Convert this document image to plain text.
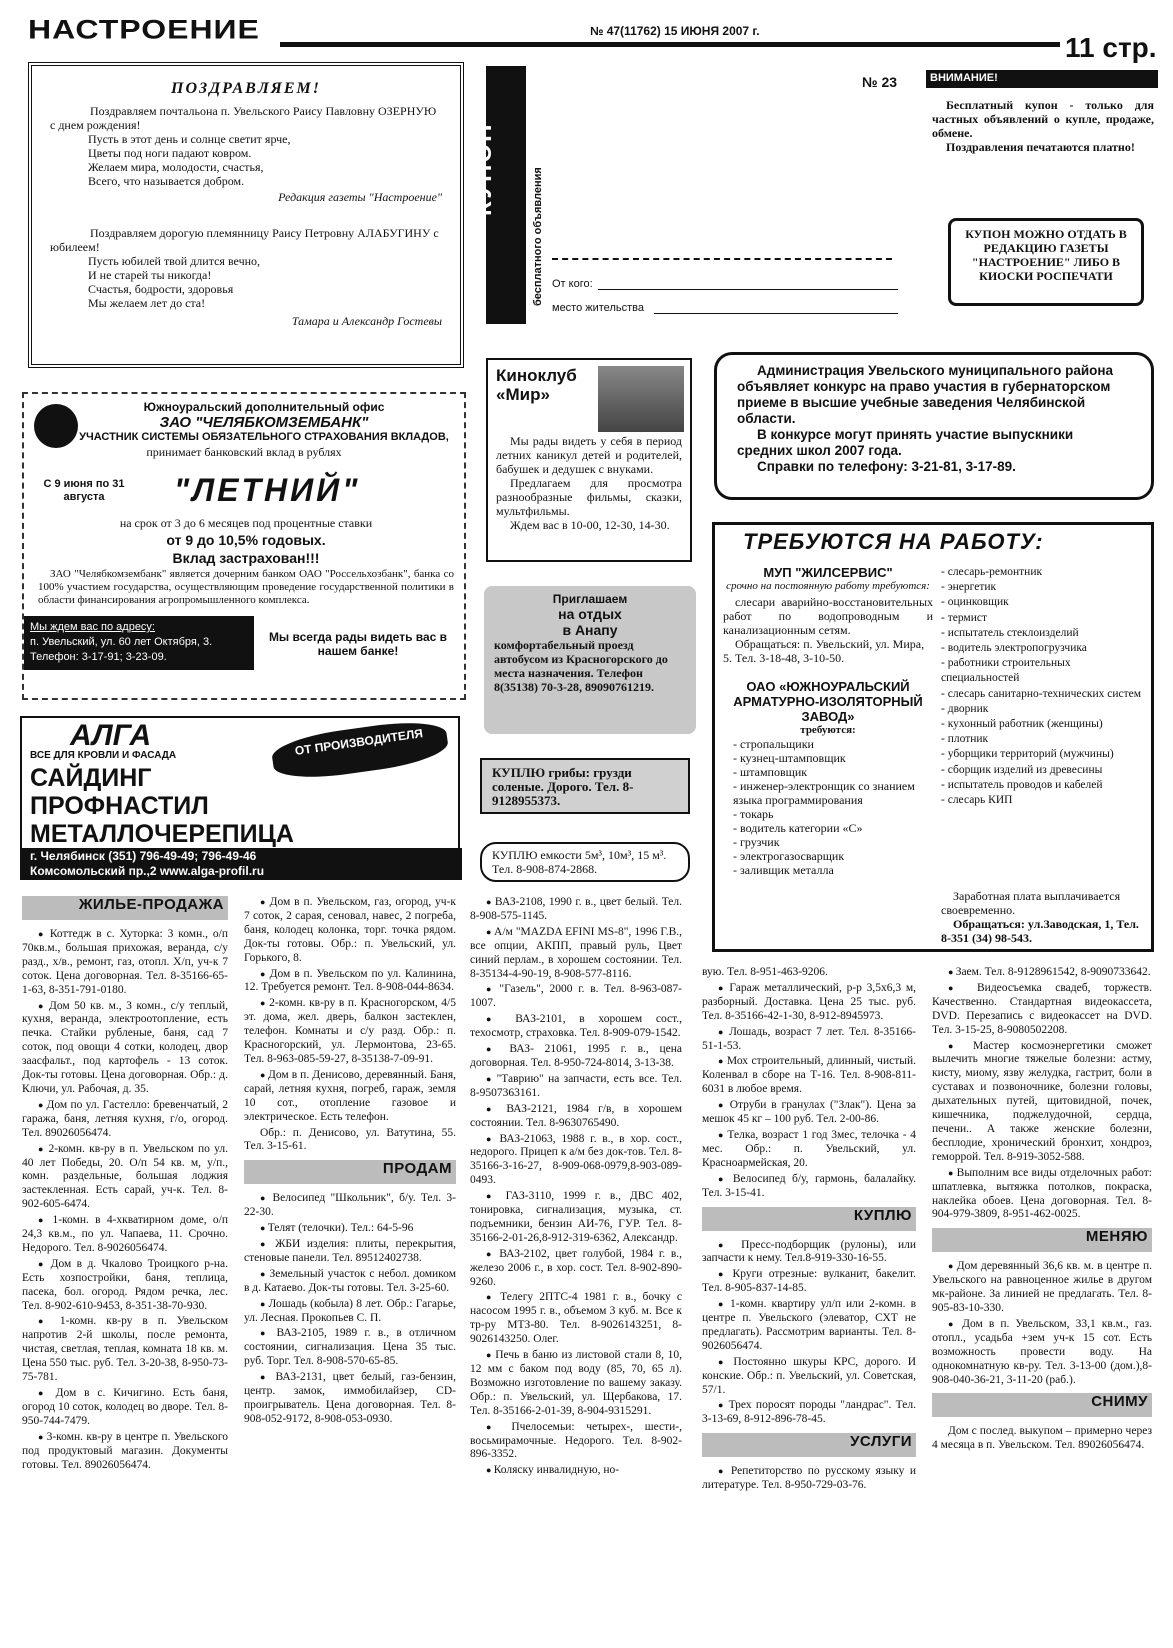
НАСТРОЕНИЕ	№ 47(11762) 15 ИЮНЯ 2007 г.
11 стр.
ПОЗДРАВЛЯЕМ!
Поздравляем почтальона п. Увельского Раису Павловну ОЗЕРНУЮ с днем рождения!
Пусть в этот день и солнце светит ярче,
Цветы под ноги падают ковром.
Желаем мира, молодости, счастья,
Всего, что называется добром.
Редакция газеты "Настроение"
Поздравляем дорогую племянницу Раису Петровну АЛАБУГИНУ с юбилеем!
Пусть юбилей твой длится вечно,
И не старей ты никогда!
Счастья, бодрости, здоровья
Мы желаем лет до ста!
Тамара и Александр Гостевы
КУПОН	бесплатного объявления
№ 23
От кого:
место жительства
ВНИМАНИЕ!
Бесплатный купон - только для частных объявлений о купле, продаже, обмене.
Поздравления печатаются платно!
КУПОН МОЖНО ОТДАТЬ В РЕДАКЦИЮ ГАЗЕТЫ "НАСТРОЕНИЕ" ЛИБО В КИОСКИ РОСПЕЧАТИ
Южноуральский дополнительный офис
ЗАО "ЧЕЛЯБКОМЗЕМБАНК"
УЧАСТНИК СИСТЕМЫ ОБЯЗАТЕЛЬНОГО СТРАХОВАНИЯ ВКЛАДОВ,
принимает банковский вклад в рублях
С 9 июня по 31 августа	"ЛЕТНИЙ"
на срок от 3 до 6 месяцев под процентные ставки
от 9 до 10,5% годовых.
Вклад застрахован!!!
ЗАО "Челябкомзембанк" является дочерним банком ОАО "Россельхозбанк", банка со 100% участием государства, осуществляющим проведение государственной политики в области финансирования агропромышленного комплекса.
Мы ждем вас по адресу:
п. Увельский, ул. 60 лет Октября, 3.
Телефон: 3-17-91; 3-23-09.
Мы всегда рады видеть вас в нашем банке!
АЛГА
ВСЕ ДЛЯ КРОВЛИ И ФАСАДА	ОТ ПРОИЗВОДИТЕЛЯ
САЙДИНГ
ПРОФНАСТИЛ
МЕТАЛЛОЧЕРЕПИЦА
г. Челябинск (351) 796-49-49; 796-49-46
Комсомольский пр.,2 www.alga-profil.ru
Киноклуб «Мир»
Мы рады видеть у себя в период летних каникул детей и родителей, бабушек и дедушек с внуками.
Предлагаем для просмотра разнообразные фильмы, сказки, мультфильмы.
Ждем вас в 10-00, 12-30, 14-30.
Приглашаем
на отдых
в Анапу
комфортабельный проезд автобусом из Красногорского до места назначения. Телефон 8(35138) 70-3-28, 89090761219.
КУПЛЮ грибы: грузди соленые. Дорого. Тел. 8-9128955373.
КУПЛЮ емкости 5м³, 10м³, 15 м³. Тел. 8-908-874-2868.
Администрация Увельского муниципального района объявляет конкурс на право участия в губернаторском приеме в высшие учебные заведения Челябинской области.
В конкурсе могут принять участие выпускники средних школ 2007 года.
Справки по телефону: 3-21-81, 3-17-89.
ТРЕБУЮТСЯ НА РАБОТУ:
МУП "ЖИЛСЕРВИС"
срочно на постоянную работу требуются:
слесари аварийно-восстановительных работ по водопроводным и канализационным сетям.
Обращаться: п. Увельский, ул. Мира, 5. Тел. 3-18-48, 3-10-50.
ОАО «ЮЖНОУРАЛЬСКИЙ АРМАТУРНО-ИЗОЛЯТОРНЫЙ ЗАВОД»
требуются:
- стропальщики
- кузнец-штамповщик
- штамповщик
- инженер-электронщик со знанием языка программирования
- токарь
- водитель категории «С»
- грузчик
- электрогазосварщик
- заливщик металла
- слесарь-ремонтник
- энергетик
- оцинковщик
- термист
- испытатель стеклоизделий
- водитель электропогрузчика
- работники строительных специальностей
- слесарь санитарно-технических систем
- дворник
- кухонный работник (женщины)
- плотник
- уборщики территорий (мужчины)
- сборщик изделий из древесины
- испытатель проводов и кабелей
- слесарь КИП
Заработная плата выплачивается своевременно.
Обращаться: ул.Заводская, 1, Тел. 8-351 (34) 98-543.
ЖИЛЬЕ-ПРОДАЖА

● Коттедж в с. Хуторка: 3 комн., о/п 70кв.м., большая прихожая, веранда, с/у разд., х/в., ремонт, газ, отопл. Х/п, уч-к 7 соток. Цена договорная. Тел. 8-35166-65-1-63, 8-351-791-0180.

● Дом 50 кв. м., 3 комн., с/у теплый, кухня, веранда, электроотопление, есть печка. Стайки рубленые, баня, сад 7 соток, под овощи 4 сотки, колодец, двор заасфальт., под картофель - 13 соток. Док-ты готовы. Цена договорная. Обр.: д. Ключи, ул. Рабочая, д. 35.

● Дом по ул. Гастелло: бревенчатый, 2 гаража, баня, летняя кухня, г/о, огород. Тел. 89026056474.

● 2-комн. кв-ру в п. Увельском по ул. 40 лет Победы, 20. О/п 54 кв. м, у/п., комн. раздельные, большая лоджия застекленная. Есть сарай, уч-к. Тел. 8-902-605-6474.

● 1-комн. в 4-хкватирном доме, о/п 24,3 кв.м., по ул. Чапаева, 11. Срочно. Недорого. Тел. 8-9026056474.

● Дом в д. Чкалово Троицкого р-на. Есть хозпостройки, баня, теплица, пасека, бол. огород. Рядом речка, лес. Тел. 8-902-610-9453, 8-351-38-70-930.

● 1-комн. кв-ру в п. Увельском напротив 2-й школы, после ремонта, чистая, светлая, теплая, комната 18 кв. м. Цена 550 тыс. руб. Тел. 3-20-38, 8-950-73-75-781.

● Дом в с. Кичигино. Есть баня, огород 10 соток, колодец во дворе. Тел. 8-950-744-7479.

● 3-комн. кв-ру в центре п. Увельского под продуктовый магазин. Документы готовы. Тел. 89026056474.

● Дом в п. Увельском, газ, огород, уч-к 7 соток, 2 сарая, сеновал, навес, 2 погреба, баня, колодец колонка, торг. точка рядом. Док-ты готовы. Обр.: п. Увельский, ул. Горького, 8.

● Дом в п. Увельском по ул. Калинина, 12. Требуется ремонт. Тел. 8-908-044-8634.

● 2-комн. кв-ру в п. Красногорском, 4/5 эт. дома, жел. дверь, балкон застеклен, телефон. Комнаты и с/у разд. Обр.: п. Красногорский, ул. Лермонтова, 23-65. Тел. 8-963-085-59-27, 8-35138-7-09-91.

● Дом в п. Денисово, деревянный. Баня, сарай, летняя кухня, погреб, гараж, земля 10 сот., отопление газовое и электрическое. Есть телефон.

Обр.: п. Денисово, ул. Ватутина, 55. Тел. 3-15-61.

ПРОДАМ

● Велосипед "Школьник", б/у. Тел. 3-22-30.

● Телят (телочки). Тел.: 64-5-96

● ЖБИ изделия: плиты, перекрытия, стеновые панели. Тел. 89512402738.

● Земельный участок с небол. домиком в д. Катаево. Док-ты готовы. Тел. 3-25-60.

● Лошадь (кобыла) 8 лет. Обр.: Гагарье, ул. Лесная. Прокопьев С. П.

● ВАЗ-2105, 1989 г. в., в отличном состоянии, сигнализация. Цена 35 тыс. руб. Торг. Тел. 8-908-570-65-85.

● ВАЗ-2131, цвет белый, газ-бензин, центр. замок, иммобилайзер, CD-проигрыватель. Цена договорная. Тел. 8-908-052-9172, 8-908-053-0930.

● ВАЗ-2108, 1990 г. в., цвет белый. Тел. 8-908-575-1145.

● А/м "MAZDA EFINI MS-8", 1996 Г.В., все опции, АКПП, правый руль, Цвет синий перлам., в хорошем состоянии. Тел. 8-35134-4-90-19, 8-908-577-8116.

● "Газель", 2000 г. в. Тел. 8-963-087-1007.

● ВАЗ-2101, в хорошем сост., техосмотр, страховка. Тел. 8-909-079-1542.

● ВАЗ- 21061, 1995 г. в., цена договорная. Тел. 8-950-724-8014, 3-13-38.

● "Таврию" на запчасти, есть все. Тел. 8-9507363161.

● ВАЗ-2121, 1984 г/в, в хорошем состоянии. Тел. 8-9630765490.

● ВАЗ-21063, 1988 г. в., в хор. сост., недорого. Прицеп к а/м без док-тов. Тел. 8-35166-3-16-27, 8-909-068-0979,8-903-089-0493.

● ГАЗ-3110, 1999 г. в., ДВС 402, тонировка, сигнализация, музыка, ст. подъемники, бензин АИ-76, ГУР. Тел. 8-35166-2-01-26,8-912-319-6362, Александр.

● ВАЗ-2102, цвет голубой, 1984 г. в., железо 2006 г., в хор. сост. Тел. 8-902-890-9260.

● Телегу 2ПТС-4 1981 г. в., бочку с насосом 1995 г. в., объемом 3 куб. м. Все к тр-ру МТЗ-80. Тел. 8-9026143251, 8-9026143250. Олег.

● Печь в баню из листовой стали 8, 10, 12 мм с баком под воду (85, 70, 65 л). Возможно изготовление по вашему заказу. Обр.: п. Увельский, ул. Щербакова, 17. Тел. 8-35166-2-01-39, 8-904-9315291.

● Пчелосемьи: четырех-, шести-, восьмирамочные. Недорого. Тел. 8-902-896-3352.

● Коляску инвалидную, но-

вую. Тел. 8-951-463-9206.

● Гараж металлический, р-р 3,5х6,3 м, разборный. Доставка. Цена 25 тыс. руб. Тел. 8-35166-42-1-30, 8-912-8945973.

● Лошадь, возраст 7 лет. Тел. 8-35166-51-1-53.

● Мох строительный, длинный, чистый. Коленвал в сборе на Т-16. Тел. 8-908-811-6031 в любое время.

● Отруби в гранулах ("Злак"). Цена за мешок 45 кг – 100 руб. Тел. 2-00-86.

● Телка, возраст 1 год 3мес, телочка - 4 мес. Обр.: п. Увельский, ул. Красноармейская, 20.

● Велосипед б/у, гармонь, балалайку. Тел. 3-15-41.

КУПЛЮ

● Пресс-подборщик (рулоны), или запчасти к нему. Тел.8-919-330-16-55.

● Круги отрезные: вулканит, бакелит. Тел. 8-905-837-14-85.

● 1-комн. квартиру ул/п или 2-комн. в центре п. Увельского (элеватор, СХТ не предлагать). Рассмотрим варианты. Тел. 8-9026056474.

● Постоянно шкуры КРС, дорого. И конские. Обр.: п. Увельский, ул. Советская, 57/1.

● Трех поросят породы "ландрас". Тел. 3-13-69, 8-912-896-78-45.

УСЛУГИ

● Репетиторство по русскому языку и литературе. Тел. 8-950-729-03-76.

● Заем. Тел. 8-9128961542, 8-9090733642.

● Видеосъемка свадеб, торжеств. Качественно. Стандартная видеокассета, DVD. Перезапись с видеокассет на DVD. Тел. 3-15-25, 8-9080502208.

● Мастер космоэнергетики сможет вылечить многие тяжелые болезни: астму, кисту, миому, язву желудка, гастрит, боли в суставах и позвоночнике, болезни головы, дыхательных путей, щитовидной, почек, кишечника, поджелудочной, сердца, печени.. А также женские болезни, бесплодие, хронический бронхит, хондроз, геморрой. Тел. 8-919-3052-588.

● Выполним все виды отделочных работ: шпатлевка, вытяжка потолков, покраска, наклейка обоев. Цена договорная. Тел. 8-904-979-3809, 8-951-462-0025.

МЕНЯЮ

● Дом деревянный 36,6 кв. м. в центре п. Увельского на равноценное жилье в другом мк-районе. За линией не предлагать. Тел. 8-905-83-10-330.

● Дом в п. Увельском, 33,1 кв.м., газ. отопл., усадьба +зем уч-к 15 сот. Есть возможность провести воду. На однокомнатную кв-ру. Тел. 3-13-00 (дом.),8-908-040-36-21, 3-11-20 (раб.).

СНИМУ

Дом с послед. выкупом – примерно через 4 месяца в п. Увельском. Тел. 89026056474.
